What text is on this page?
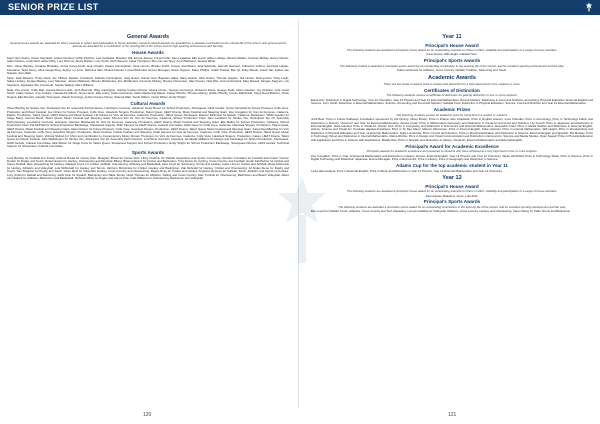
SENIOR PRIZE LIST
General Awards
General house awards are awarded for effort, example to others and participation in house activities. General cultural awards are awarded for a valuable contribution to the cultural life of the school; and general sports awards are awarded for a contribution to the sporting life of the school and for high sporting achievement and fair play.
House Awards
Kauri: Erin Austin, Oscar Campbell, Jordan Dunford, Griffin Fletcher, Lexi Goldsack, Brooklyn Hill, Emma Jowsey, Freya Knibb, Sam Lealaitoa, Ella Lovett, Abbie Lutfique, Bonnie Mellars, Frances McKay, Hanny Monan, Adam Nelson, Louis Reid, Asher Riley, Lucy Rimmer, Alexis Ritchie, Lucy Smith, Ruth Stevens, Hana Thompson, Ben van der Spuy, Arya Wellwood, Jessica White.
Miro: Oliver Barclay, Annalise Broadley, Aroha Carey-Smith, Eva Chaplin, Daniel Cunningham, Nina Curran, Braden Dodd, Cooper Dumbleton, Anja Edwards, Hannah Estcourt, Catherine Fulford, Kerehuia Haapu-Karetiana, Tayla Henry, Alice Hoogerbrug, Zephyr Le Gros, Rebecca Mair, Moana Mosulu, Lucia McDonald, Emma McLagan, Robin Nguyen, Daisy Phillips, Caitlin Poland, Ben Qi, Ruby Rands, Jacob Tait, Jaiden van Niekerk, Sam Wall.
Tanui: Jack Albertini, Trinity Clark, Joe Clifford, Reuben Crossland, Isabella Cunningham, Holly Evans, Darren Goh, Bayeden Hales, Macy Haston, Allux Hinton, Thomas Hogden, Ted Hunter, Tarang Kant, Vicky Leigh, Salsa Lindsey, Fenjau Mackey, Lucy Maclean, James Matthews, Brooke McNamara, Zoe McNamara, Kennedy Mcilvey, Brooke Parsonson, Max Pervan, Nick Pita, Jemma Renwick, Meg Russell, Morgan Sawyers, Lily Stephens, Appleaise Tait, Annamoth, Sophie Wakely, Mani Williams.
Rata: Zoe Amner, Katie Bell, Jessica Benson-Ash, Josh Bescroft, Riley Carrington, Sophia Coulson-Kirana, Alyssa Cruise, George Cummings, Rebecca Davis, George Field, Adam Gardner, Lily Graham, Cole Grant Smith, Claire Hewes, Amy Jenkins, Cassandra Kilburn, Nora Laurie, Ella Lowry, Keita Lumbreras, Aidan Mackenzie-Mapel, Jasher Mcrobs, Phoebe Mulvey, Eddie O'Reilly, Lorcan Ralphinski, Kaiya Reed-Butcher, Chloe Rogers, Ella Sherratt, Cassidy Thompson, Daniel Timmings, Aysha Vincent-Chiney, Shanna Watt, Sarah Wilson, Oscar Wilton, Emily Wright.
Cultural Awards
Oliver Barclay for Sindee Voo, Rockquest Top 20, Assembly Performances, Lunchtime Concerts, Havelock. Emily Brown for School Production, Showquest, HIHS Gezals. Oscar Campbell for Future Prospect, Colfe Voce, Production and Music Festival. Joe Clinton for Future Prospect, Colfe Voce, Havelock Singers, Production, Talent Quest, HEAT Drama, Music Festival and Sleeping Giant. Zoe Congalton for Voix de Femmes, Cadenza, Elastic, Production, Talent Quest, HEAT Drama and Music Festival. Lily Davies for Voix de Femmes, Cadenza, Production, Talent Quest, Rockquest. Dauson Dickinson for Elastic, Cadenza, Rockquest. Tafaki Goulton for Stage Band, Concert Band, Talent Quest, Music Festival and Sleeping Giant. Min-Joo Kim for Voix de Femmes, Cadenza, School Production Choir. Sam Lealaitoa for Sindee Voo, Rockquest Top 20, Assembly Performances, Lunchtime Concerts, Havelock. Jasmine Macdonald for Voix de Femmes, Cadenza, Production, HEAT Drama, Music Festival and Sleeping Giant. Ella Malloy for School Production, Cadenza, School Production Choir. Pia McPhail for School Production Backstage, Showquest Support. Ruth Stevens for HEAT Drama, Cultural Committee. Eliah Neve for Colfe Voce, Cadenza, Havelock Singers, Production, Talent Quest, HEAT Drama, Music Festival and Sleeping Giant. Adam Nelson for Future Prospect, Colfe Voce, Havelock Singers, Production, HEAT Drama, Talent Quest, Music Festival and Sleeping Giant. Kaiya Reed-Butcher for Voix de Femmes, Cadenza, Colfe Voce, Havelock Singers, Production, Music Festival, Insitute Fashion and Sleeping. Noah Stevens for Voix de Femmes, Cadenza, Colfe Voce, Production, HEAT Drama, Talent Quest, Music Festival and Sleeping Giant. Victoria Stobart for Choir and contribution to Contemporary Music. Ronan Thompson for Voix de Femmes, Cadenza, Colfe Voce, Havelock Singers, Production, Cakes, HEAT Drama, Talent Quest and Music Festival. Jack Waddington for Sindee Voo, Rockquest Top 20, Assembly Performances, Lunchtime Concerts, Havelock. Annabelle Williams for Design and backstage for School Production, Showquest, HIHS Gezals, Cultural Committee. Ella Wilson for Stage Crew for Talent Quest, Showquest Support and School Production. Emily Wright for School Production Backstage, Showquest Director, HIHS Gezals, Technical Support for Showquest, Cultural Committee.
Sports Awards
Luca Barclay for Football and Futsal. Arianna Broad for Canoe Polo. Meaghan Broad for Canoe Polo. Libby Charlton for Netball, Equestrian and Sports Committee. Reuben Crossland for Football and Futsal. Trenton Donkin for Rugby and Touch. Robert Evans for Hockey, Orienteering and Mountain Biking. Brianna Evans for Cricket and Badminton. Toby Evans for Cycling, Cross Country and Football. Greta! Fahrbichler for Cricket and Indoor Netball. Alice Hoogerbrug for Hockey. Rakaiya Joyce for Cricket, Softball, Orienteering, Athletics and Basketball. Alice Lloyd for Swimming, Tennis and Hockey. Isaac Lind for Cricket and Softball. Rosie McKenzie for Hockey, Athletics and Volleyball. Lola McDonald for Hockey and Tennis. Harrison McGinniss for Cricket, Hockey and Badminton. Zak McGrath for Hockey, Cricket and Orienteering. AJ Nolan-Stone for Rugby and Touch. Tian Potgieter for Rugby and Touch. Owen Reid for Volleyball, Hockey, Cross Country and Orienteering. Regan Rose for Cricket and Hockey. Angelina Simpson for Softball, Touch, Athletics and Sports Committee. Lucy Smith for Netball and Swimming. Aahil Tarin for Squash, Badminton and Table Tennis. Noah Thomas for Athletics, Sailing and Cross Country. Max Turnbull for Orienteering, Badminton and Beach Volleyball. Albert van Niekerk for Athletics, Badminton and Basketball. Nicholas White for Rugby and Canoe Polo. Kaki Williams for Orienteering, Badminton and Volleyball.
Year 11
Principal's House Award
The following students are awarded a principal's house award for an outstanding example to others in effort, reliability and participation in a range of house activities.
Kauri House: Will Height, Isabella Turei.
Principal's Sports Awards
The following student is awarded a principal's sports award for an outstanding contribution to the sporting life of the school, and for excellent sporting achievement and fair play.
Sofia Lumbreras for Athletics, Cross Country, Netball, Triathlon, Swimming and Touch.
Academic Awards
There are two levels of award: prize in subject and distinction for a high placement in four subjects or more.
Certificates of Distinction
The following students receive a certificate of distinction for gaining distinction in four or more subjects.
Elena Kim: Distinction in Digital Technology, Year 12 Chemistry, Year 12 Physics and Year 12 External Mathematics. Bonnie Medera: Distinction in Food and Nutrition, Accounting, Physical Education, External English and Science. Lucy Smith: Distinction in External Mathematics, Science, Accounting and Food and Nutrition. Isabella Turei: Distinction in Physical Education, Science, Food and Nutrition and Year 12 External Mathematics.
Academic Prizes
The following students receive an academic prize for being first in a subject or subjects.
Jordi Best: Prize in Future Pathways Foundation sponsored by Ark Driving. Oliver Brown: Prize in Drama. Alex Chadwick: Prize in English Literacy. Luca Chandler: Prize in Accounting, Prize in Technology Fabric and Distinction in Science, Visual Art and Year 12 External Mathematics. Alyssa Cruse: Prize in Mathematics Numeracy and Distinction in Visual Art and Food and Nutrition. Lily Fresch: Prize in Japanese and Distinction in External English. Ziara Gambel: Prize in Visual Art. Darren Goh: Prize in Computing and Distinction in Economics and External Mathematics. Alexandra Grant: Prize in Media Studies and Distinction in External English, History, Science and Visual Art. Kundaiia Hapaine-Karetiana: Prize in Te Reo Maori. Marcus Hiltonmore: Prize in Internal English. Katie Hodman: Prize in Internal Mathematics. Will Height: Prize in Woodworking and Distinction in Physical Education and Year 12 External Mathematics. Sofia Lumbreras: Prize in Food and Nutrition, Prize in Physical Education and Distinction in Science, External English and Spanish. Pia Mockay: Prize in Technology Wood and Distinction in Internal Mathematics. Aliana Ritchie: Prize in Design and Visual Communication and Distinction in Economics, Science and Media Studies. Ryan Sewell: Prize in Physical Education with Application and Prize in Science with Applications. Maddy Rau: Prize in Spanish and Distinction in History, Visual Art, External Mathematics and External English.
Principal's Award for Academic Excellence
Principal's awards for academic excellence are presented to students who have achieved at a very high level in four or more subjects.
Zoe Congalton: Prize in Year 12 External Mathematics and Distinction in History, Drama, External English, Year 12 Physics and Year 12 Chemistry. Wyatt Hirschfeld: Prize in Technology Metal, Prize in Science, Prize in Digital Technology and Distinction Japanese. Emma McLagan: Prize in Economics, Prize in History, Prize in Geography and Distinction in Science.
Adams Cup for the top academic student in Year 11
Luiza Hammadoua: Prize in External English, Prize in Music and Distinction in Year 12 Physics, Year 12 External Mathematics and Year 12 Chemistry.
Year 12
Principal's House Award
The following students are awarded a principal's house award for an outstanding example to others in effort, reliability and participation in a range of house activities.
Kauri House: Bakolma, Joyce, Lola Kidd.
Principal's Sports Awards
The following students are awarded a principal's sports award for an outstanding contribution to the sporting life of the school, and for excellent sporting achievement and fair play.
Elle Lovett for Netball, Touch, Athletics, Cross Country and Surf Lifesaving. Lennox Hubbitte for Volleyball, Athletics, Cross Country, Hockey and Orienteering. Karen Wang for Table Tennis and Badminton.
120	121
